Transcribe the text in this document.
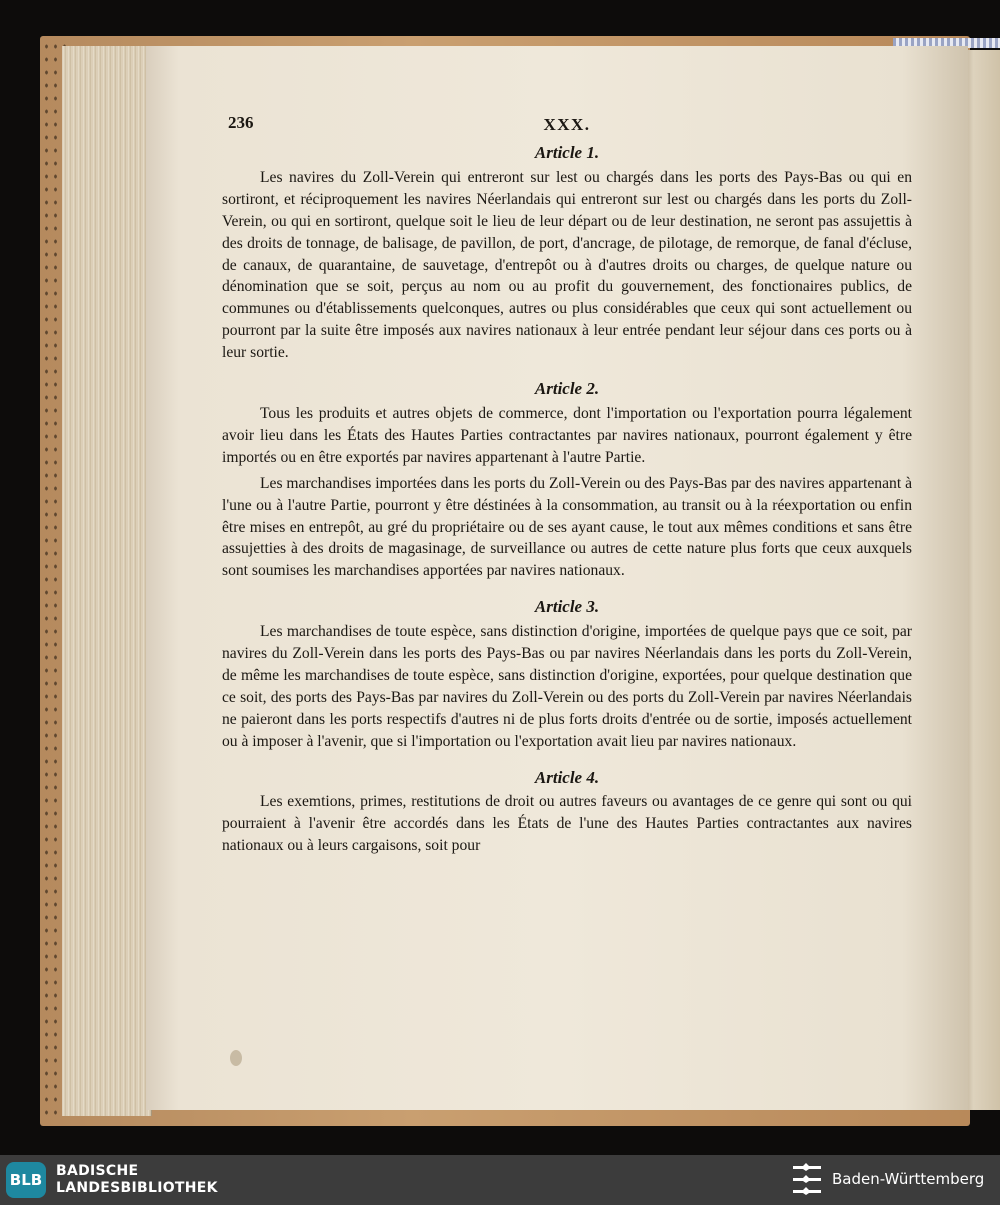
236	XXX.
Article 1.

Les navires du Zoll-Verein qui entreront sur lest ou chargés dans les ports des Pays-Bas ou qui en sortiront, et réciproquement les navires Néerlandais qui entreront sur lest ou chargés dans les ports du Zoll-Verein, ou qui en sortiront, quelque soit le lieu de leur départ ou de leur destination, ne seront pas assujettis à des droits de tonnage, de balisage, de pavillon, de port, d'ancrage, de pilotage, de remorque, de fanal d'écluse, de canaux, de quarantaine, de sauvetage, d'entrepôt ou à d'autres droits ou charges, de quelque nature ou dénomination que se soit, perçus au nom ou au profit du gouvernement, des fonctionaires publics, de communes ou d'établissements quelconques, autres ou plus considérables que ceux qui sont actuellement ou pourront par la suite être imposés aux navires nationaux à leur entrée pendant leur séjour dans ces ports ou à leur sortie.

Article 2.

Tous les produits et autres objets de commerce, dont l'importation ou l'exportation pourra légalement avoir lieu dans les États des Hautes Parties contractantes par navires nationaux, pourront également y être importés ou en être exportés par navires appartenant à l'autre Partie.

Les marchandises importées dans les ports du Zoll-Verein ou des Pays-Bas par des navires appartenant à l'une ou à l'autre Partie, pourront y être déstinées à la consommation, au transit ou à la réexportation ou enfin être mises en entrepôt, au gré du propriétaire ou de ses ayant cause, le tout aux mêmes conditions et sans être assujetties à des droits de magasinage, de surveillance ou autres de cette nature plus forts que ceux auxquels sont soumises les marchandises apportées par navires nationaux.

Article 3.

Les marchandises de toute espèce, sans distinction d'origine, importées de quelque pays que ce soit, par navires du Zoll-Verein dans les ports des Pays-Bas ou par navires Néerlandais dans les ports du Zoll-Verein, de même les marchandises de toute espèce, sans distinction d'origine, exportées, pour quelque destination que ce soit, des ports des Pays-Bas par navires du Zoll-Verein ou des ports du Zoll-Verein par navires Néerlandais ne paieront dans les ports respectifs d'autres ni de plus forts droits d'entrée ou de sortie, imposés actuellement ou à imposer à l'avenir, que si l'importation ou l'exportation avait lieu par navires nationaux.

Article 4.

Les exemtions, primes, restitutions de droit ou autres faveurs ou avantages de ce genre qui sont ou qui pourraient à l'avenir être accordés dans les États de l'une des Hautes Parties contractantes aux navires nationaux ou à leurs cargaisons, soit pour

BLB BADISCHE
LANDESBIBLIOTHEK	Baden-Württemberg
